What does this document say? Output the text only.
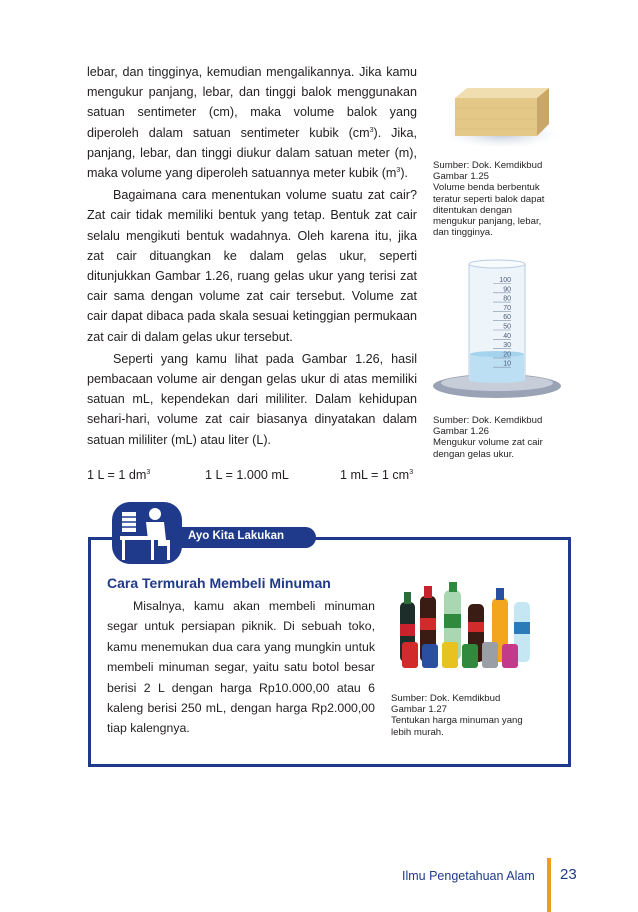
lebar, dan tingginya, kemudian mengalikannya. Jika kamu mengukur panjang, lebar, dan tinggi balok menggunakan satuan sentimeter (cm), maka volume balok yang diperoleh dalam satuan sentimeter kubik $(cm^3)$. Jika, panjang, lebar, dan tinggi diukur dalam satuan meter (m), maka volume yang diperoleh satuannya meter kubik $(m^3)$.

Bagaimana cara menentukan volume suatu zat cair? Zat cair tidak memiliki bentuk yang tetap. Bentuk zat cair selalu mengikuti bentuk wadahnya. Oleh karena itu, jika zat cair dituangkan ke dalam gelas ukur, seperti ditunjukkan Gambar 1.26, ruang gelas ukur yang terisi zat cair sama dengan volume zat cair tersebut. Volume zat cair dapat dibaca pada skala sesuai ketinggian permukaan zat cair di dalam gelas ukur tersebut.

Seperti yang kamu lihat pada Gambar 1.26, hasil pembacaan volume air dengan gelas ukur di atas memiliki satuan mL, kependekan dari mililiter. Dalam kehidupan sehari-hari, volume zat cair biasanya dinyatakan dalam satuan mililiter (mL) atau liter (L).

1 L = 1 $dm^3$	1 L = 1.000 mL	1 mL = 1 $cm^3$
Sumber: Dok. Kemdikbud
Gambar 1.25
Volume benda berbentuk teratur seperti balok dapat ditentukan dengan mengukur panjang, lebar, dan tingginya.
100
90
80
70
60
50
40
30
20
10
Sumber: Dok. Kemdikbud
Gambar 1.26
Mengukur volume zat cair dengan gelas ukur.
Ayo Kita Lakukan
Cara Termurah Membeli Minuman

Misalnya, kamu akan membeli minuman segar untuk persiapan piknik. Di sebuah toko, kamu menemukan dua cara yang mungkin untuk membeli minuman segar, yaitu satu botol besar berisi 2 L dengan harga Rp10.000,00 atau 6 kaleng berisi 250 mL, dengan harga Rp2.000,00 tiap kalengnya.

Sumber: Dok. Kemdikbud
Gambar 1.27
Tentukan harga minuman yang lebih murah.
Ilmu Pengetahuan Alam 23
